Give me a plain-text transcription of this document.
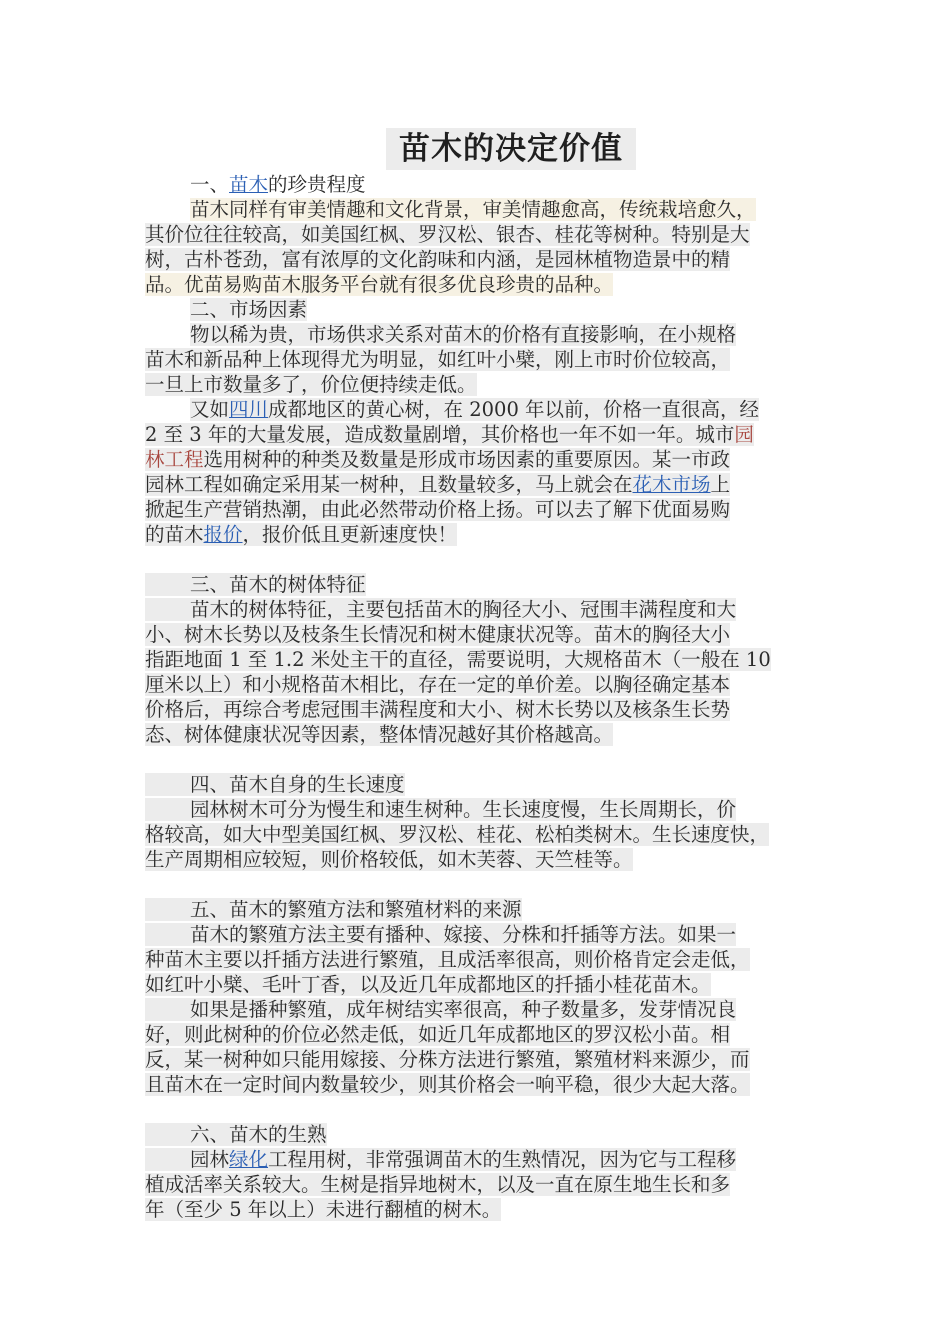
苗木的决定价值
一、苗木的珍贵程度
苗木同样有审美情趣和文化背景，审美情趣愈高，传统栽培愈久，
其价位往往较高，如美国红枫、罗汉松、银杏、桂花等树种。特别是大
树，古朴苍劲，富有浓厚的文化韵味和内涵，是园林植物造景中的精
品。优苗易购苗木服务平台就有很多优良珍贵的品种。
二、市场因素
物以稀为贵，市场供求关系对苗木的价格有直接影响，在小规格
苗木和新品种上体现得尤为明显，如红叶小檗，刚上市时价位较高，
一旦上市数量多了，价位便持续走低。
又如四川成都地区的黄心树，在 2000 年以前，价格一直很高，经
2 至 3 年的大量发展，造成数量剧增，其价格也一年不如一年。城市园
林工程选用树种的种类及数量是形成市场因素的重要原因。某一市政
园林工程如确定采用某一树种，且数量较多，马上就会在花木市场上
掀起生产营销热潮，由此必然带动价格上扬。可以去了解下优面易购
的苗木报价，报价低且更新速度快！
三、苗木的树体特征
苗木的树体特征，主要包括苗木的胸径大小、冠围丰满程度和大
小、树木长势以及枝条生长情况和树木健康状况等。苗木的胸径大小
指距地面 1 至 1.2 米处主干的直径，需要说明，大规格苗木（一般在 10
厘米以上）和小规格苗木相比，存在一定的单价差。以胸径确定基本
价格后，再综合考虑冠围丰满程度和大小、树木长势以及核条生长势
态、树体健康状况等因素，整体情况越好其价格越高。
四、苗木自身的生长速度
园林树木可分为慢生和速生树种。生长速度慢，生长周期长，价
格较高，如大中型美国红枫、罗汉松、桂花、松柏类树木。生长速度快，
生产周期相应较短，则价格较低，如木芙蓉、天竺桂等。
五、苗木的繁殖方法和繁殖材料的来源
苗木的繁殖方法主要有播种、嫁接、分株和扦插等方法。如果一
种苗木主要以扦插方法进行繁殖，且成活率很高，则价格肯定会走低，
如红叶小檗、毛叶丁香，以及近几年成都地区的扦插小桂花苗木。
如果是播种繁殖，成年树结实率很高，种子数量多，发芽情况良
好，则此树种的价位必然走低，如近几年成都地区的罗汉松小苗。相
反，某一树种如只能用嫁接、分株方法进行繁殖，繁殖材料来源少，而
且苗木在一定时间内数量较少，则其价格会一响平稳，很少大起大落。
六、苗木的生熟
园林绿化工程用树，非常强调苗木的生熟情况，因为它与工程移
植成活率关系较大。生树是指异地树木，以及一直在原生地生长和多
年（至少 5 年以上）未进行翻植的树木。
